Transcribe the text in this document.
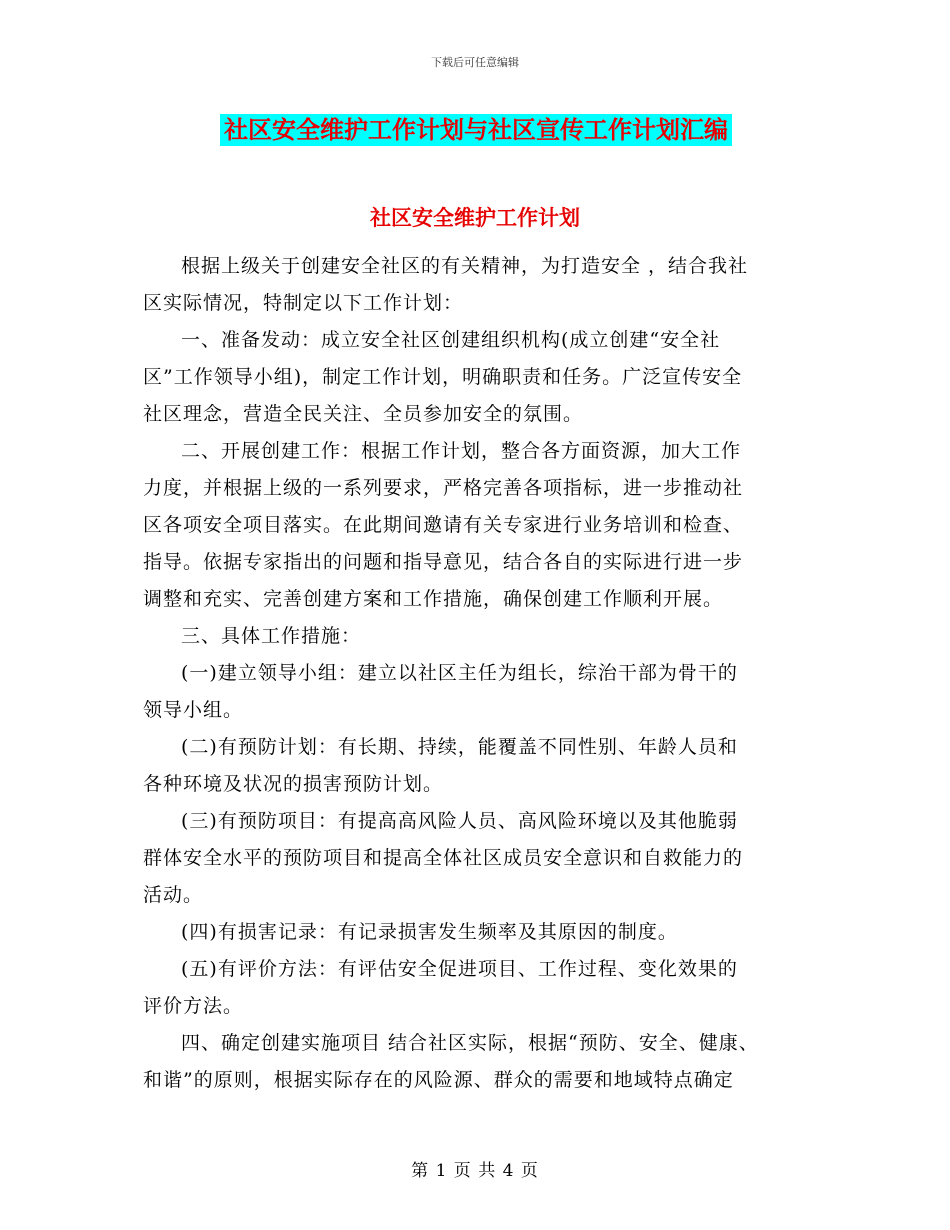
下载后可任意编辑
社区安全维护工作计划与社区宣传工作计划汇编
社区安全维护工作计划

根据上级关于创建安全社区的有关精神，为打造安全 ，结合我社
区实际情况，特制定以下工作计划：

一、准备发动：成立安全社区创建组织机构(成立创建“安全社
区”工作领导小组)，制定工作计划，明确职责和任务。广泛宣传安全
社区理念，营造全民关注、全员参加安全的氛围。

二、开展创建工作：根据工作计划，整合各方面资源，加大工作
力度，并根据上级的一系列要求，严格完善各项指标，进一步推动社
区各项安全项目落实。在此期间邀请有关专家进行业务培训和检查、
指导。依据专家指出的问题和指导意见，结合各自的实际进行进一步
调整和充实、完善创建方案和工作措施，确保创建工作顺利开展。

三、具体工作措施：

(一)建立领导小组：建立以社区主任为组长，综治干部为骨干的
领导小组。

(二)有预防计划：有长期、持续，能覆盖不同性别、年龄人员和
各种环境及状况的损害预防计划。

(三)有预防项目：有提高高风险人员、高风险环境以及其他脆弱
群体安全水平的预防项目和提高全体社区成员安全意识和自救能力的
活动。

(四)有损害记录：有记录损害发生频率及其原因的制度。

(五)有评价方法：有评估安全促进项目、工作过程、变化效果的
评价方法。

四、确定创建实施项目 结合社区实际，根据“预防、安全、健康、
和谐”的原则，根据实际存在的风险源、群众的需要和地域特点确定

第 1 页 共 4 页
